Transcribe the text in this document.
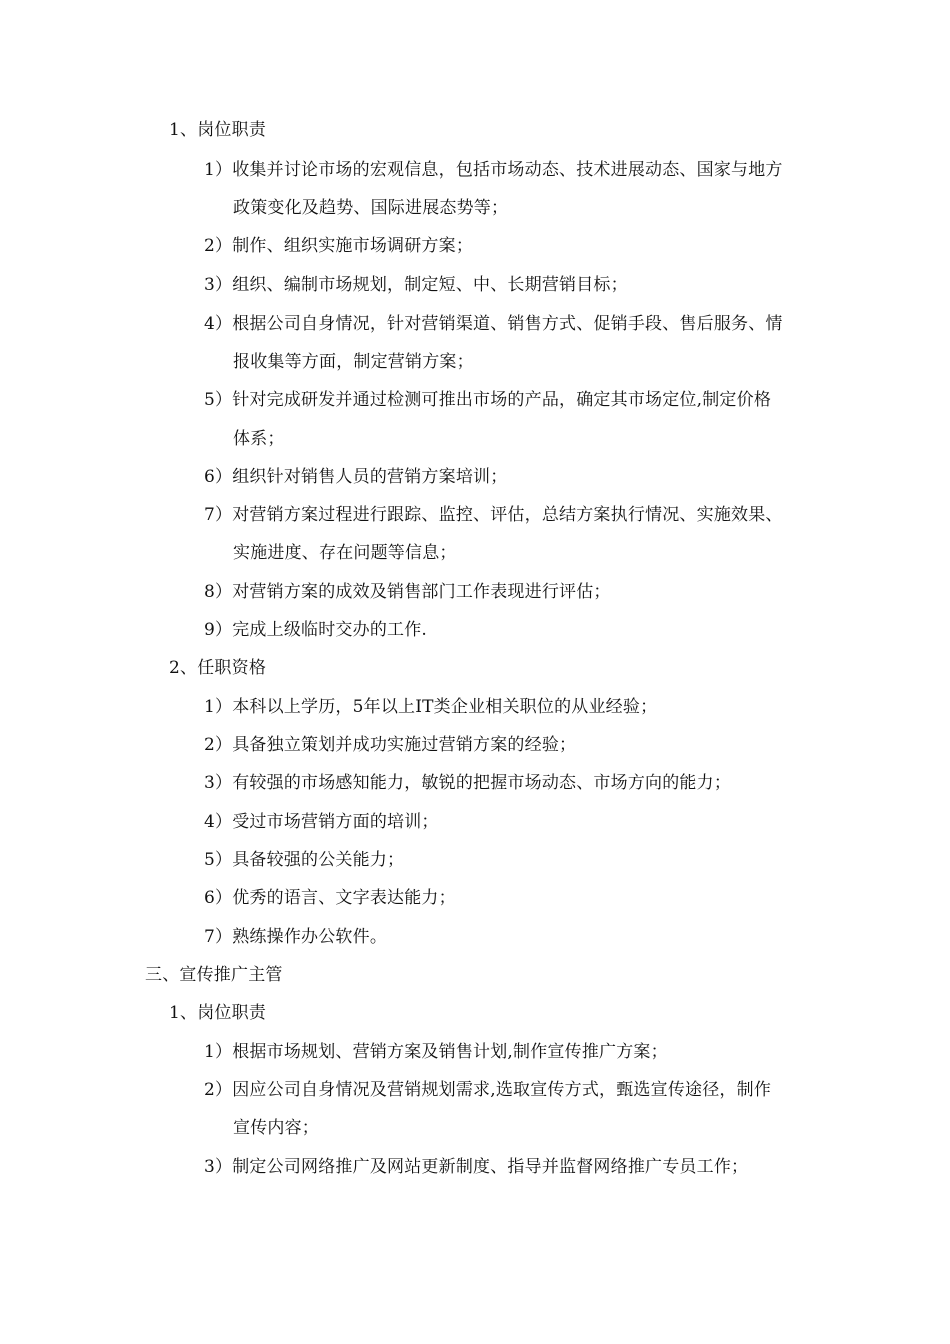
1、岗位职责
1）收集并讨论市场的宏观信息，包括市场动态、技术进展动态、国家与地方
政策变化及趋势、国际进展态势等；
2）制作、组织实施市场调研方案；
3）组织、编制市场规划，制定短、中、长期营销目标；
4）根据公司自身情况，针对营销渠道、销售方式、促销手段、售后服务、情
报收集等方面，制定营销方案；
5）针对完成研发并通过检测可推出市场的产品，确定其市场定位,制定价格
体系；
6）组织针对销售人员的营销方案培训；
7）对营销方案过程进行跟踪、监控、评估，总结方案执行情况、实施效果、
实施进度、存在问题等信息；
8）对营销方案的成效及销售部门工作表现进行评估；
9）完成上级临时交办的工作.
2、任职资格
1）本科以上学历，5年以上IT类企业相关职位的从业经验；
2）具备独立策划并成功实施过营销方案的经验；
3）有较强的市场感知能力，敏锐的把握市场动态、市场方向的能力；
4）受过市场营销方面的培训；
5）具备较强的公关能力；
6）优秀的语言、文字表达能力；
7）熟练操作办公软件。
三、宣传推广主管
1、岗位职责
1）根据市场规划、营销方案及销售计划,制作宣传推广方案；
2）因应公司自身情况及营销规划需求,选取宣传方式，甄选宣传途径，制作
宣传内容；
3）制定公司网络推广及网站更新制度、指导并监督网络推广专员工作；
